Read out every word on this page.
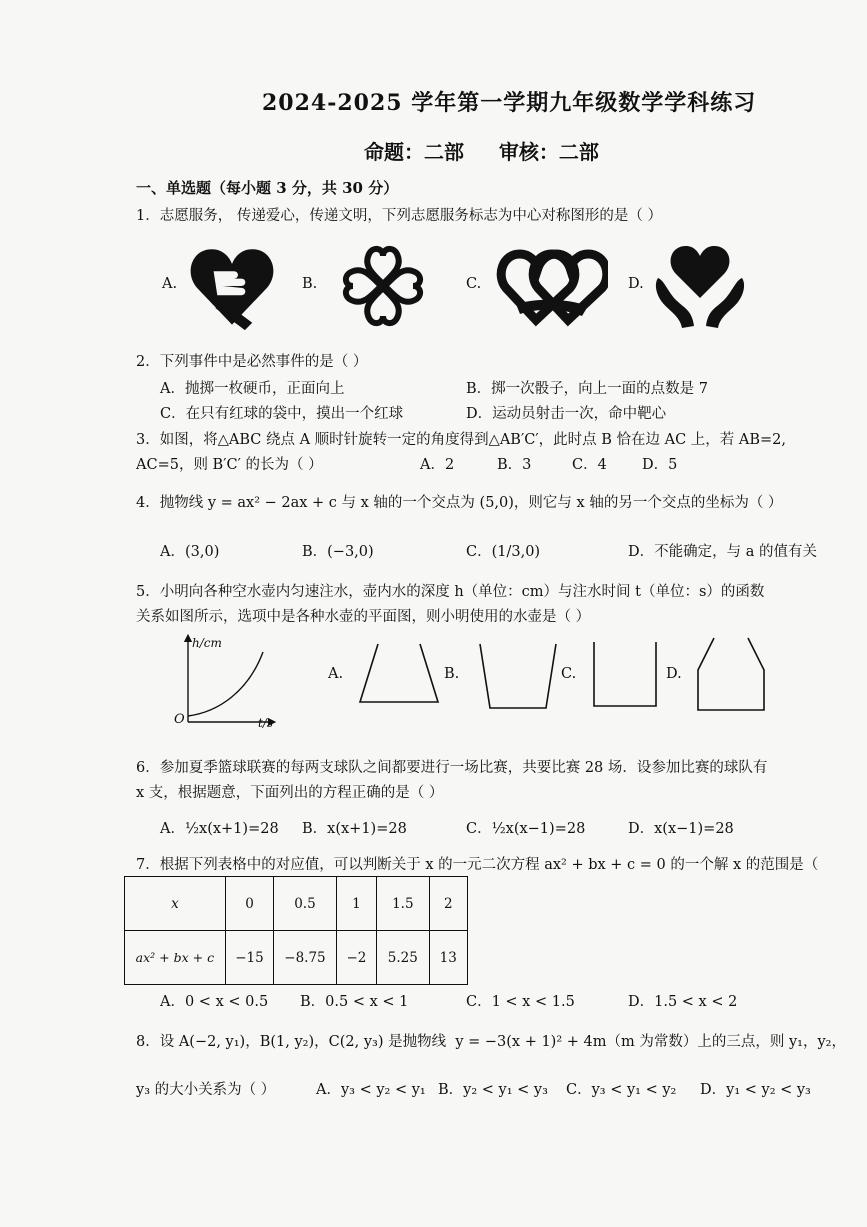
2024-2025 学年第一学期九年级数学学科练习
命题：二部     审核：二部
一、单选题（每小题 3 分，共 30 分）
1．志愿服务， 传递爱心，传递文明，下列志愿服务标志为中心对称图形的是（ ）
A.	B.	C.	D.
2．下列事件中是必然事件的是（ ）
A．抛掷一枚硬币，正面向上	B．掷一次骰子，向上一面的点数是 7
C．在只有红球的袋中，摸出一个红球	D．运动员射击一次，命中靶心
3．如图，将△ABC 绕点 A 顺时针旋转一定的角度得到△AB′C′，此时点 B 恰在边 AC 上，若 AB=2,
AC=5，则 B′C′ 的长为（ ）	A．2	B．3	C．4 D．5
4．抛物线 y = ax² − 2ax + c 与 x 轴的一个交点为 (5,0)，则它与 x 轴的另一个交点的坐标为（ ）
A．(3,0)	B．(−3,0)	C．(1/3,0)	D．不能确定，与 a 的值有关
5．小明向各种空水壶内匀速注水，壶内水的深度 h（单位：cm）与注水时间 t（单位：s）的函数
关系如图所示，选项中是各种水壶的平面图，则小明使用的水壶是（ ）
h/cm
t/s
O
A.	B.	C.	D.
6．参加夏季篮球联赛的每两支球队之间都要进行一场比赛，共要比赛 28 场．设参加比赛的球队有
x 支，根据题意，下面列出的方程正确的是（ ）
A．½x(x+1)=28 B．x(x+1)=28	C．½x(x−1)=28	D．x(x−1)=28
7．根据下列表格中的对应值，可以判断关于 x 的一元二次方程 ax² + bx + c = 0 的一个解 x 的范围是（
x	0	0.5	1	1.5	2
ax² + bx + c	−15	−8.75	−2	5.25	13
A．0 < x < 0.5 B．0.5 < x < 1	C．1 < x < 1.5	D．1.5 < x < 2
8．设 A(−2, y₁)，B(1, y₂)，C(2, y₃) 是抛物线  y = −3(x + 1)² + 4m（m 为常数）上的三点，则 y₁，y₂，
y₃ 的大小关系为（ ）	A．y₃ < y₂ < y₁ B．y₂ < y₁ < y₃ C．y₃ < y₁ < y₂ D．y₁ < y₂ < y₃
